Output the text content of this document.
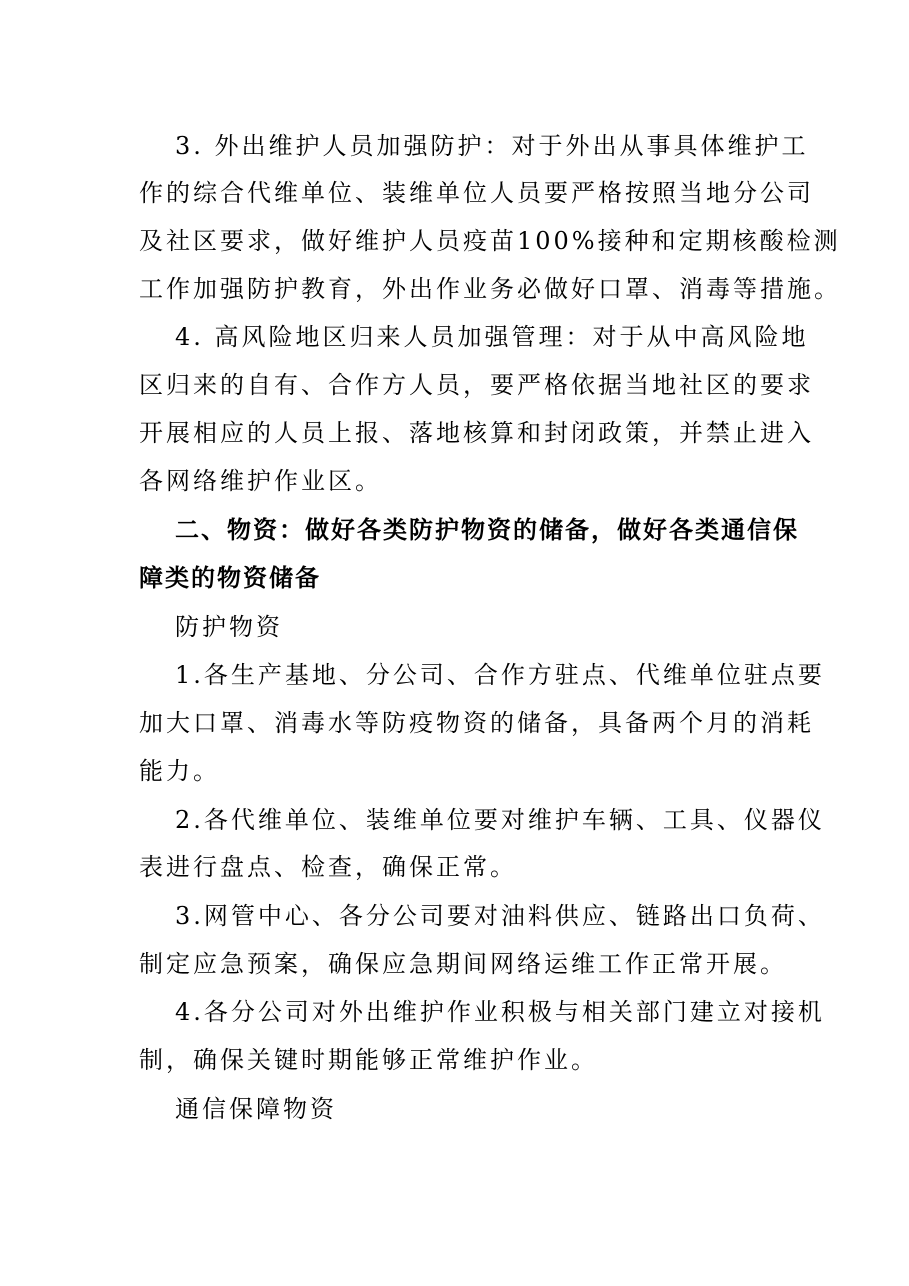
3. 外出维护人员加强防护：对于外出从事具体维护工
作的综合代维单位、装维单位人员要严格按照当地分公司
及社区要求，做好维护人员疫苗100%接种和定期核酸检测
工作加强防护教育，外出作业务必做好口罩、消毒等措施。
4. 高风险地区归来人员加强管理：对于从中高风险地
区归来的自有、合作方人员，要严格依据当地社区的要求
开展相应的人员上报、落地核算和封闭政策，并禁止进入
各网络维护作业区。
二、物资：做好各类防护物资的储备，做好各类通信保
障类的物资储备
防护物资
1.各生产基地、分公司、合作方驻点、代维单位驻点要
加大口罩、消毒水等防疫物资的储备，具备两个月的消耗
能力。
2.各代维单位、装维单位要对维护车辆、工具、仪器仪
表进行盘点、检查，确保正常。
3.网管中心、各分公司要对油料供应、链路出口负荷、
制定应急预案，确保应急期间网络运维工作正常开展。
4.各分公司对外出维护作业积极与相关部门建立对接机
制，确保关键时期能够正常维护作业。
通信保障物资
